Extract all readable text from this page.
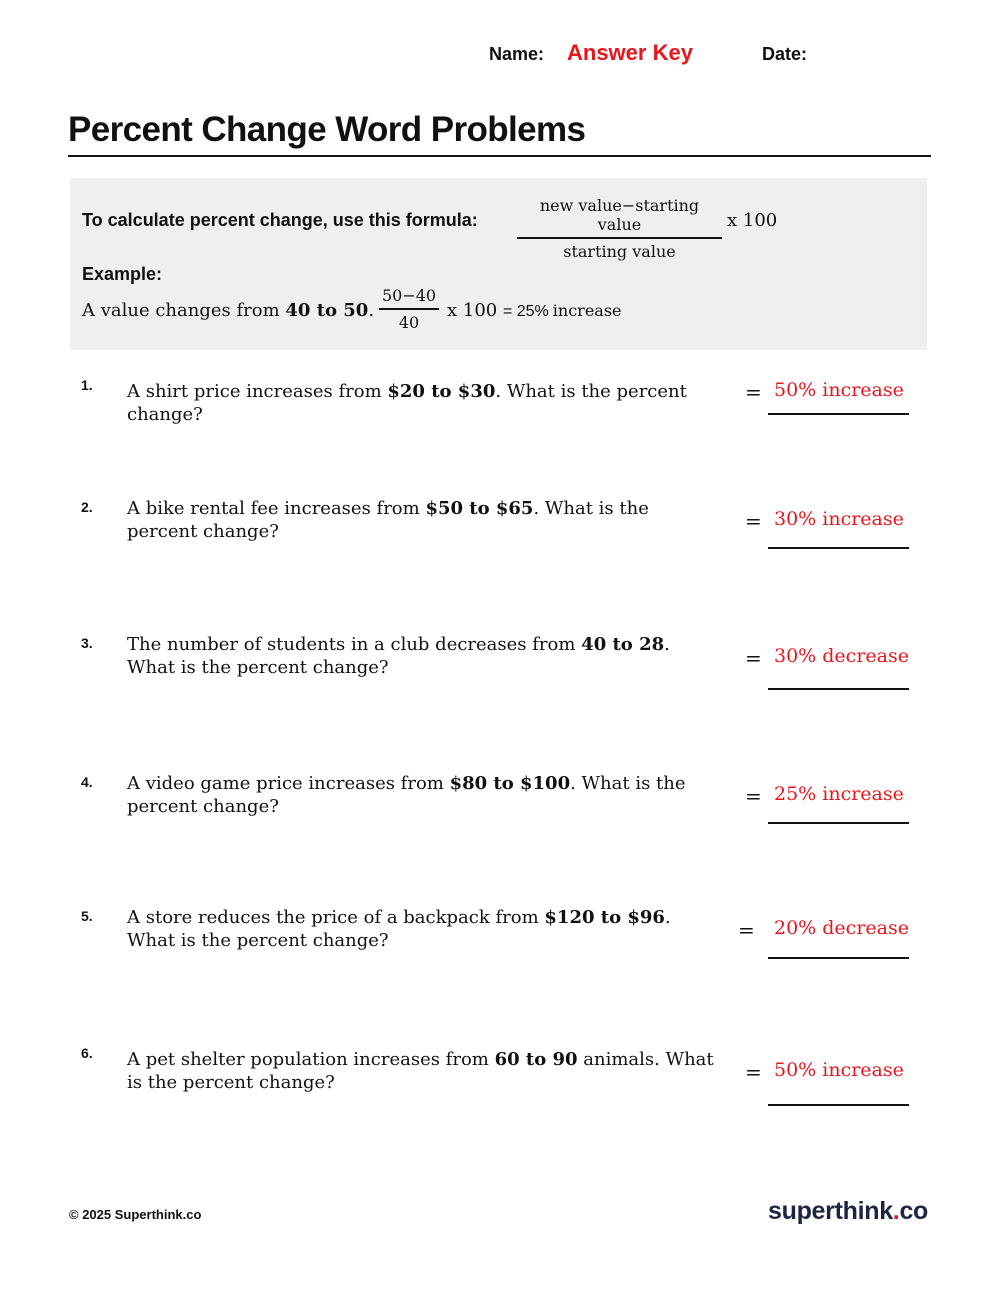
Name: Answer Key	Date:
Percent Change Word Problems
To calculate percent change, use this formula:
new value−starting value
starting value
x 100
Example:
A value changes from 40 to 50.
50−40
40
x 100 = 25% increase
1. A shirt price increases from $20 to $30. What is the percent change?
= 50% increase
2. A bike rental fee increases from $50 to $65. What is the percent change?	= 30% increase
3. The number of students in a club decreases from 40 to 28.
What is the percent change?	= 30% decrease
4. A video game price increases from $80 to $100. What is the percent change?	= 25% increase
5. A store reduces the price of a backpack from $120 to $96. What is the percent change?	= 20% decrease
6. A pet shelter population increases from 60 to 90 animals. What is the percent change?	= 50% increase
© 2025 Superthink.co	superthink.co
